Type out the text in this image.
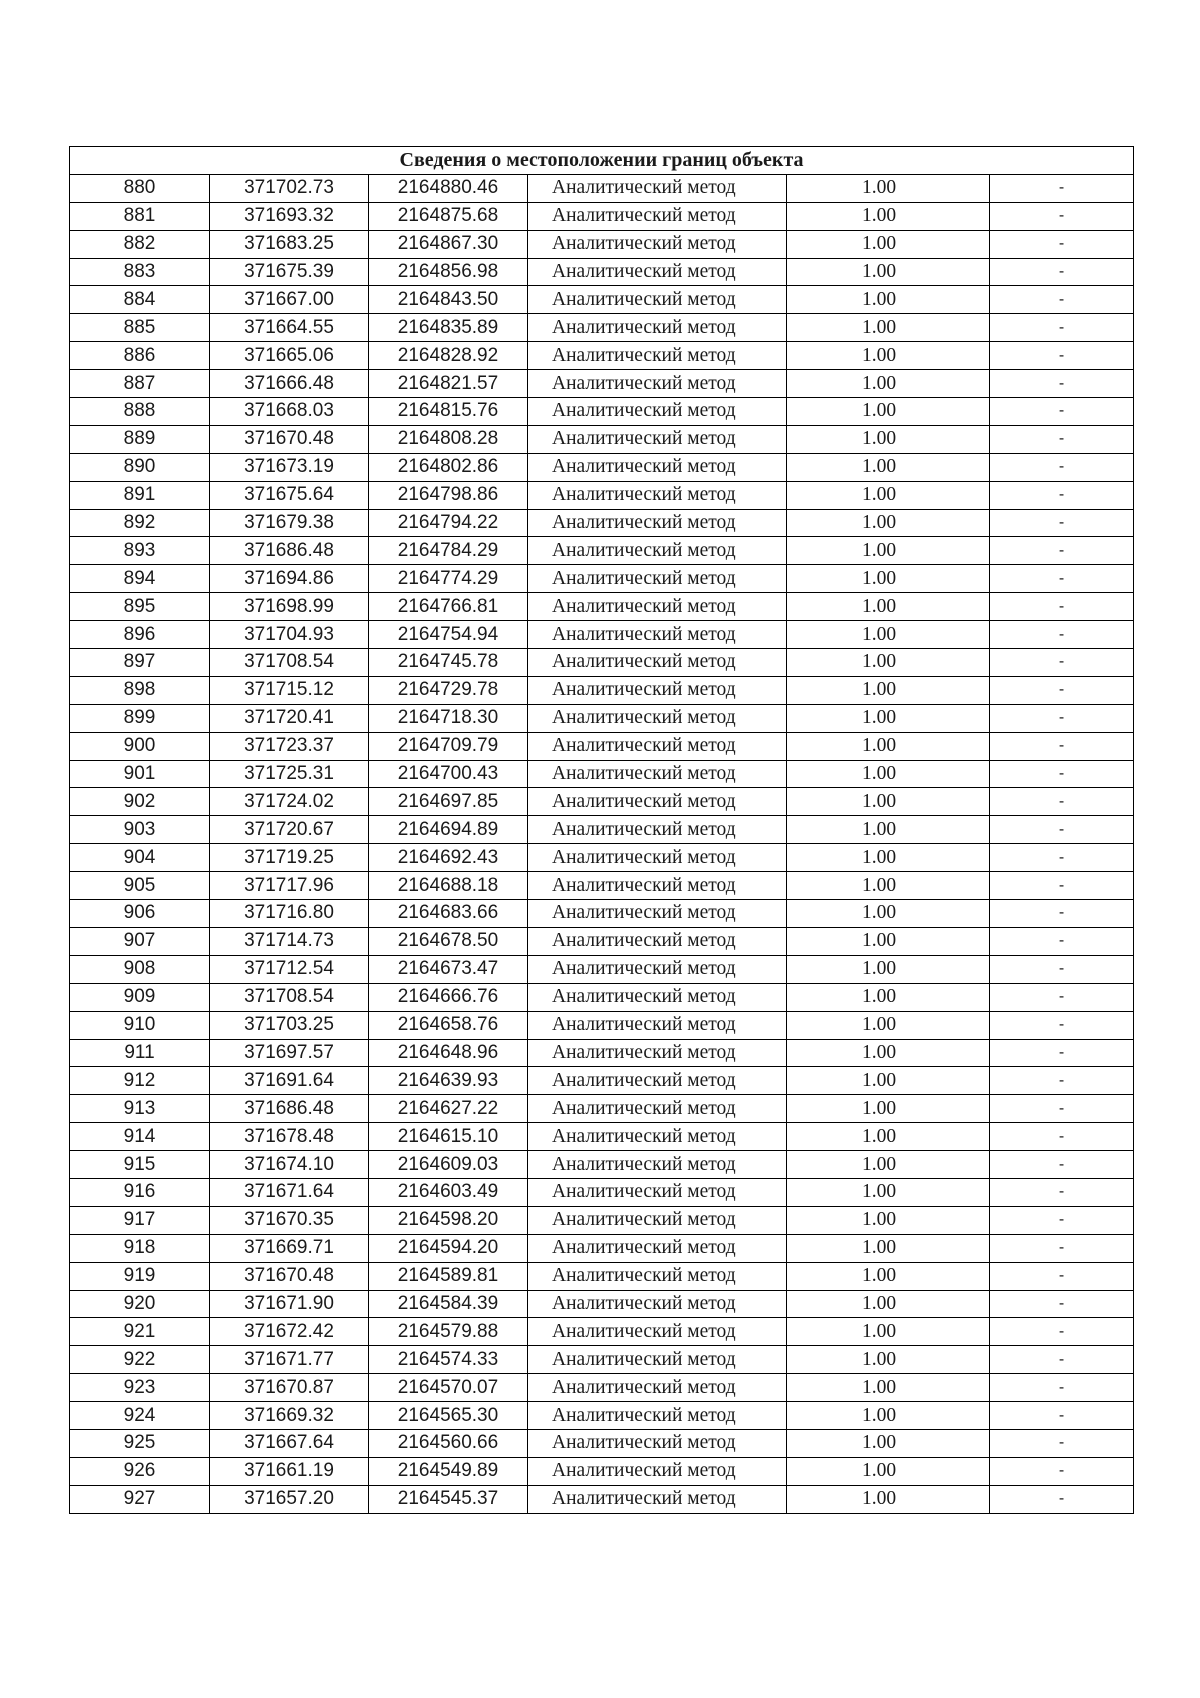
Сведения о местоположении границ объекта					
880	371702.73	2164880.46	Аналитический метод	1.00	-
881	371693.32	2164875.68	Аналитический метод	1.00	-
882	371683.25	2164867.30	Аналитический метод	1.00	-
883	371675.39	2164856.98	Аналитический метод	1.00	-
884	371667.00	2164843.50	Аналитический метод	1.00	-
885	371664.55	2164835.89	Аналитический метод	1.00	-
886	371665.06	2164828.92	Аналитический метод	1.00	-
887	371666.48	2164821.57	Аналитический метод	1.00	-
888	371668.03	2164815.76	Аналитический метод	1.00	-
889	371670.48	2164808.28	Аналитический метод	1.00	-
890	371673.19	2164802.86	Аналитический метод	1.00	-
891	371675.64	2164798.86	Аналитический метод	1.00	-
892	371679.38	2164794.22	Аналитический метод	1.00	-
893	371686.48	2164784.29	Аналитический метод	1.00	-
894	371694.86	2164774.29	Аналитический метод	1.00	-
895	371698.99	2164766.81	Аналитический метод	1.00	-
896	371704.93	2164754.94	Аналитический метод	1.00	-
897	371708.54	2164745.78	Аналитический метод	1.00	-
898	371715.12	2164729.78	Аналитический метод	1.00	-
899	371720.41	2164718.30	Аналитический метод	1.00	-
900	371723.37	2164709.79	Аналитический метод	1.00	-
901	371725.31	2164700.43	Аналитический метод	1.00	-
902	371724.02	2164697.85	Аналитический метод	1.00	-
903	371720.67	2164694.89	Аналитический метод	1.00	-
904	371719.25	2164692.43	Аналитический метод	1.00	-
905	371717.96	2164688.18	Аналитический метод	1.00	-
906	371716.80	2164683.66	Аналитический метод	1.00	-
907	371714.73	2164678.50	Аналитический метод	1.00	-
908	371712.54	2164673.47	Аналитический метод	1.00	-
909	371708.54	2164666.76	Аналитический метод	1.00	-
910	371703.25	2164658.76	Аналитический метод	1.00	-
911	371697.57	2164648.96	Аналитический метод	1.00	-
912	371691.64	2164639.93	Аналитический метод	1.00	-
913	371686.48	2164627.22	Аналитический метод	1.00	-
914	371678.48	2164615.10	Аналитический метод	1.00	-
915	371674.10	2164609.03	Аналитический метод	1.00	-
916	371671.64	2164603.49	Аналитический метод	1.00	-
917	371670.35	2164598.20	Аналитический метод	1.00	-
918	371669.71	2164594.20	Аналитический метод	1.00	-
919	371670.48	2164589.81	Аналитический метод	1.00	-
920	371671.90	2164584.39	Аналитический метод	1.00	-
921	371672.42	2164579.88	Аналитический метод	1.00	-
922	371671.77	2164574.33	Аналитический метод	1.00	-
923	371670.87	2164570.07	Аналитический метод	1.00	-
924	371669.32	2164565.30	Аналитический метод	1.00	-
925	371667.64	2164560.66	Аналитический метод	1.00	-
926	371661.19	2164549.89	Аналитический метод	1.00	-
927	371657.20	2164545.37	Аналитический метод	1.00	-
